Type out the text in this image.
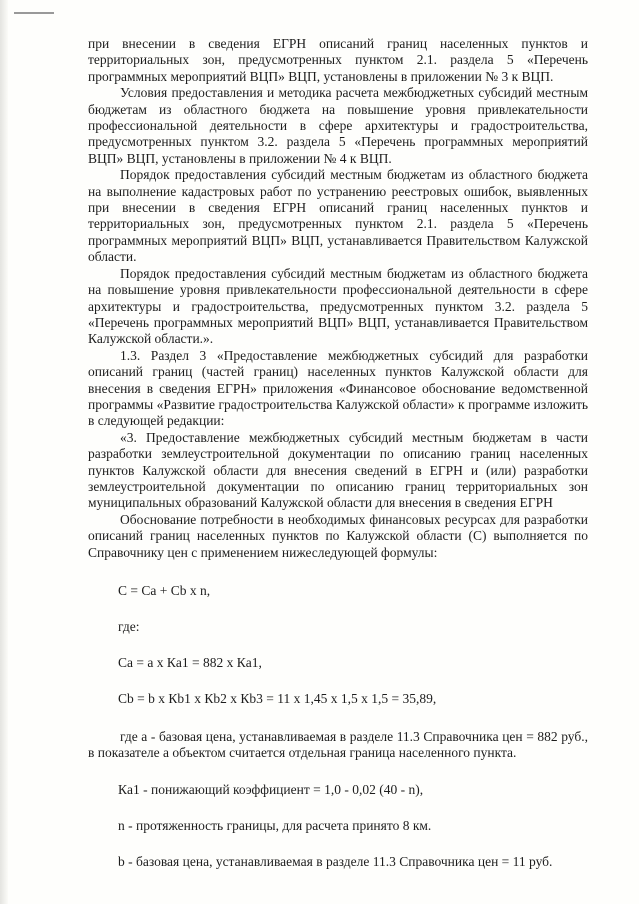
при внесении в сведения ЕГРН описаний границ населенных пунктов и территориальных зон, предусмотренных пунктом 2.1. раздела 5 «Перечень программных мероприятий ВЦП» ВЦП, установлены в приложении № 3 к ВЦП.

Условия предоставления и методика расчета межбюджетных субсидий местным бюджетам из областного бюджета на повышение уровня привлекательности профессиональной деятельности в сфере архитектуры и градостроительства, предусмотренных пунктом 3.2. раздела 5 «Перечень программных мероприятий ВЦП» ВЦП, установлены в приложении № 4 к ВЦП.

Порядок предоставления субсидий местным бюджетам из областного бюджета на выполнение кадастровых работ по устранению реестровых ошибок, выявленных при внесении в сведения ЕГРН описаний границ населенных пунктов и территориальных зон, предусмотренных пунктом 2.1. раздела 5 «Перечень программных мероприятий ВЦП» ВЦП, устанавливается Правительством Калужской области.

Порядок предоставления субсидий местным бюджетам из областного бюджета на повышение уровня привлекательности профессиональной деятельности в сфере архитектуры и градостроительства, предусмотренных пунктом 3.2. раздела 5 «Перечень программных мероприятий ВЦП» ВЦП, устанавливается Правительством Калужской области.».

1.3. Раздел 3 «Предоставление межбюджетных субсидий для разработки описаний границ (частей границ) населенных пунктов Калужской области для внесения в сведения ЕГРН» приложения «Финансовое обоснование ведомственной программы «Развитие градостроительства Калужской области» к программе изложить в следующей редакции:

«3. Предоставление межбюджетных субсидий местным бюджетам в части разработки землеустроительной документации по описанию границ населенных пунктов Калужской области для внесения сведений в ЕГРН и (или) разработки землеустроительной документации по описанию границ территориальных зон муниципальных образований Калужской области для внесения в сведения ЕГРН

Обоснование потребности в необходимых финансовых ресурсах для разработки описаний границ населенных пунктов по Калужской области (С) выполняется по Справочнику цен с применением нижеследующей формулы:

С = Сa + Сb x n,

где:

Сa = a x Кa1 = 882 x Кa1,

Сb = b x Кb1 x Кb2 x Кb3 = 11 x 1,45 x 1,5 x 1,5 = 35,89,

где a - базовая цена, устанавливаемая в разделе 11.3 Справочника цен = 882 руб., в показателе a объектом считается отдельная граница населенного пункта.

Кa1 - понижающий коэффициент = 1,0 - 0,02 (40 - n),

n - протяженность границы, для расчета принято 8 км.

b - базовая цена, устанавливаемая в разделе 11.3 Справочника цен = 11 руб.
